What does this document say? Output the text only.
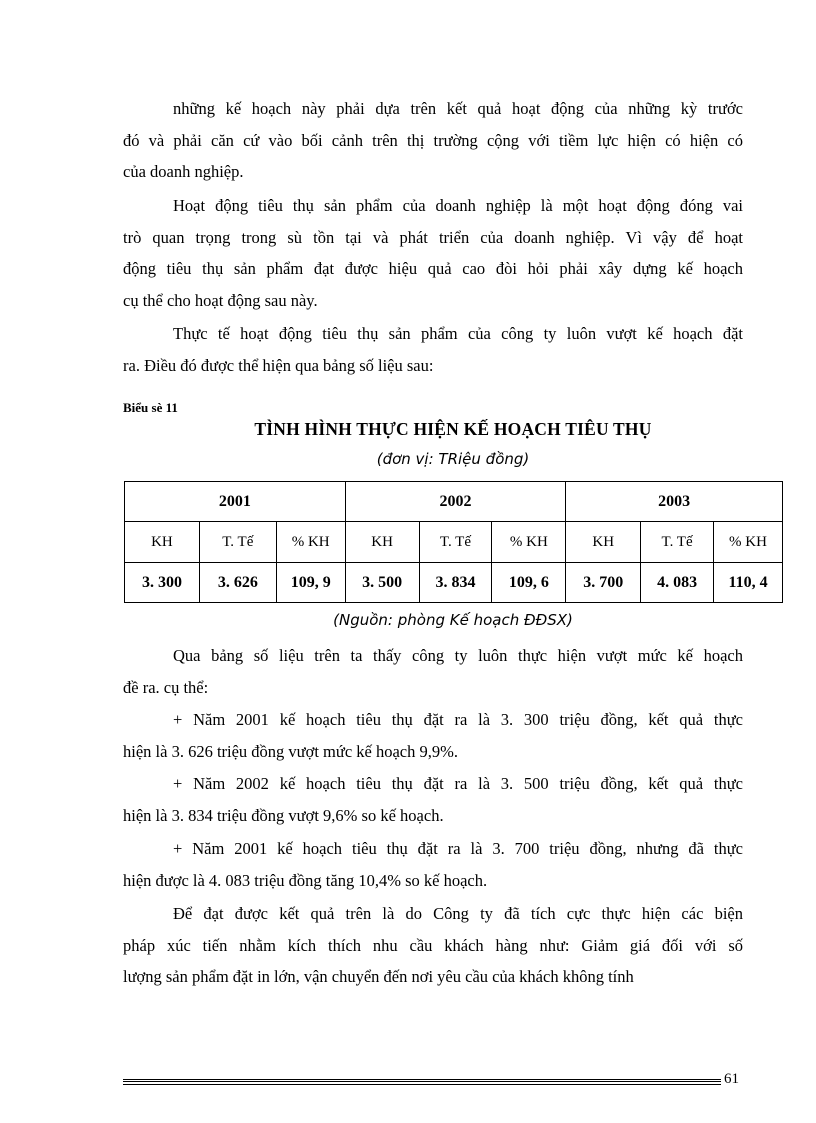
những kế hoạch này phải dựa trên kết quả hoạt động của những kỳ trước
đó và phải căn cứ vào bối cảnh trên thị trường cộng với tiềm lực hiện có hiện có
của doanh nghiệp.

Hoạt động tiêu thụ sản phẩm của doanh nghiệp là một hoạt động đóng vai
trò quan trọng trong sù tồn tại và phát triển của doanh nghiệp. Vì vậy để hoạt
động tiêu thụ sản phẩm đạt được hiệu quả cao đòi hỏi phải xây dựng kế hoạch
cụ thể cho hoạt động sau này.

Thực tế hoạt động tiêu thụ sản phẩm của công ty luôn vượt kế hoạch đặt
ra. Điều đó được thể hiện qua bảng số liệu sau:

Biểu sè 11
TÌNH HÌNH THỰC HIỆN KẾ HOẠCH TIÊU THỤ
(đơn vị: TRiệu đồng)
2001			2002			2003		
KH	T. Tế	% KH	KH	T. Tế	% KH	KH	T. Tế	% KH
3. 300	3. 626	109, 9	3. 500	3. 834	109, 6	3. 700	4. 083	110, 4
(Nguồn: phòng Kế hoạch ĐĐSX)

Qua bảng số liệu trên ta thấy công ty luôn thực hiện vượt mức kế hoạch
đề ra. cụ thể:

+ Năm 2001 kế hoạch tiêu thụ đặt ra là 3. 300 triệu đồng, kết quả thực
hiện là 3. 626 triệu đồng vượt mức kế hoạch 9,9%.

+ Năm 2002 kế hoạch tiêu thụ đặt ra là 3. 500 triệu đồng, kết quả thực
hiện là 3. 834 triệu đồng vượt 9,6% so kế hoạch.

+ Năm 2001 kế hoạch tiêu thụ đặt ra là 3. 700 triệu đồng, nhưng đã thực
hiện được là 4. 083 triệu đồng tăng 10,4% so kế hoạch.

Để đạt được kết quả trên là do Công ty đã tích cực thực hiện các biện
pháp xúc tiến nhằm kích thích nhu cầu khách hàng như: Giảm giá đối với số
lượng sản phẩm đặt in lớn, vận chuyển đến nơi yêu cầu của khách không tính

61
